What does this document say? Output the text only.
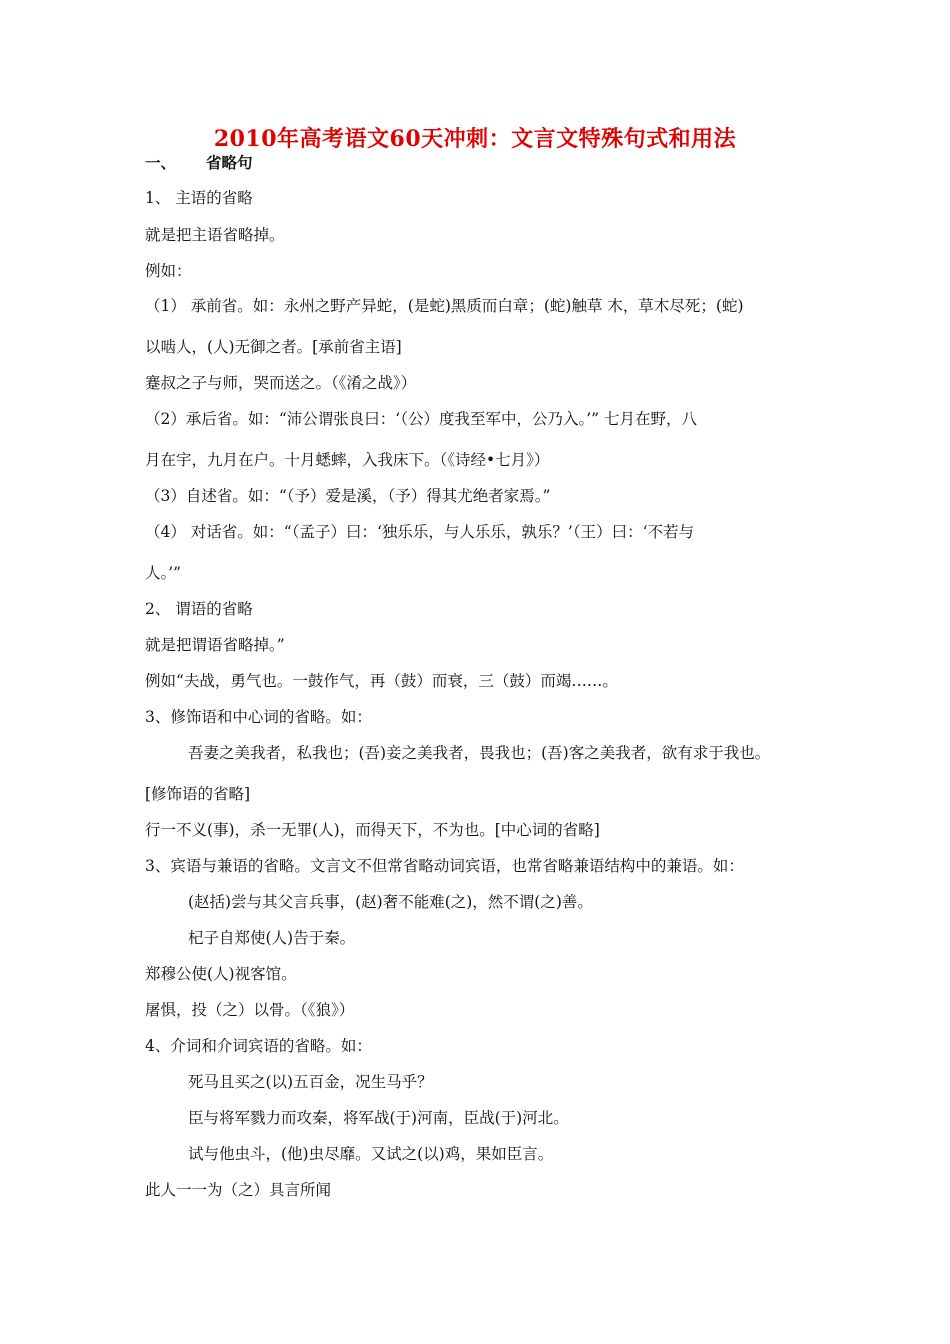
2010年高考语文60天冲刺：文言文特殊句式和用法
一、 省略句
1、 主语的省略
就是把主语省略掉。
例如：
（1） 承前省。如：永州之野产异蛇，(是蛇)黑质而白章；(蛇)触草 木，草木尽死；(蛇)
以啮人，(人)无御之者。[承前省主语]
蹇叔之子与师，哭而送之。（《淆之战》）
（2）承后省。如：“沛公谓张良曰：‘（公）度我至军中，公乃入。’” 七月在野，八
月在宇，九月在户。十月蟋蟀，入我床下。（《诗经•七月》）
（3）自述省。如：“（予）爱是溪，（予）得其尤绝者家焉。”
（4） 对话省。如：“（孟子）曰：‘独乐乐，与人乐乐，孰乐？’（王）曰：‘不若与
人。’”
2、 谓语的省略
就是把谓语省略掉。”
例如“夫战，勇气也。一鼓作气，再（鼓）而衰，三（鼓）而竭……。
3、修饰语和中心词的省略。如：
吾妻之美我者，私我也；(吾)妾之美我者，畏我也；(吾)客之美我者，欲有求于我也。
[修饰语的省略]
行一不义(事)，杀一无罪(人)，而得天下，不为也。[中心词的省略]
3、宾语与兼语的省略。文言文不但常省略动词宾语，也常省略兼语结构中的兼语。如：
(赵括)尝与其父言兵事，(赵)奢不能难(之)，然不谓(之)善。
杞子自郑使(人)告于秦。
郑穆公使(人)视客馆。
屠惧，投（之）以骨。（《狼》）
4、介词和介词宾语的省略。如：
死马且买之(以)五百金，况生马乎？
臣与将军戮力而攻秦，将军战(于)河南，臣战(于)河北。
试与他虫斗，(他)虫尽靡。又试之(以)鸡，果如臣言。
此人一一为（之）具言所闻
